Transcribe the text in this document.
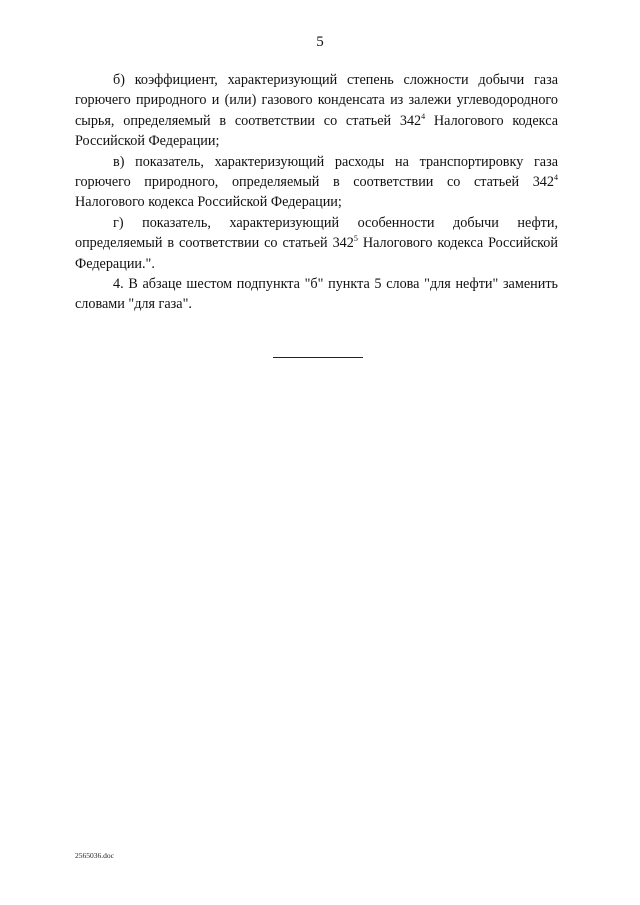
5

б) коэффициент, характеризующий степень сложности добычи газа горючего природного и (или) газового конденсата из залежи углеводородного сырья, определяемый в соответствии со статьей $342^4$ Налогового кодекса Российской Федерации;

в) показатель, характеризующий расходы на транспортировку газа горючего природного, определяемый в соответствии со статьей $342^4$ Налогового кодекса Российской Федерации;

г) показатель, характеризующий особенности добычи нефти, определяемый в соответствии со статьей $342^5$ Налогового кодекса Российской Федерации.".

4. В абзаце шестом подпункта "б" пункта 5 слова "для нефти" заменить словами "для газа".

2565036.doc
